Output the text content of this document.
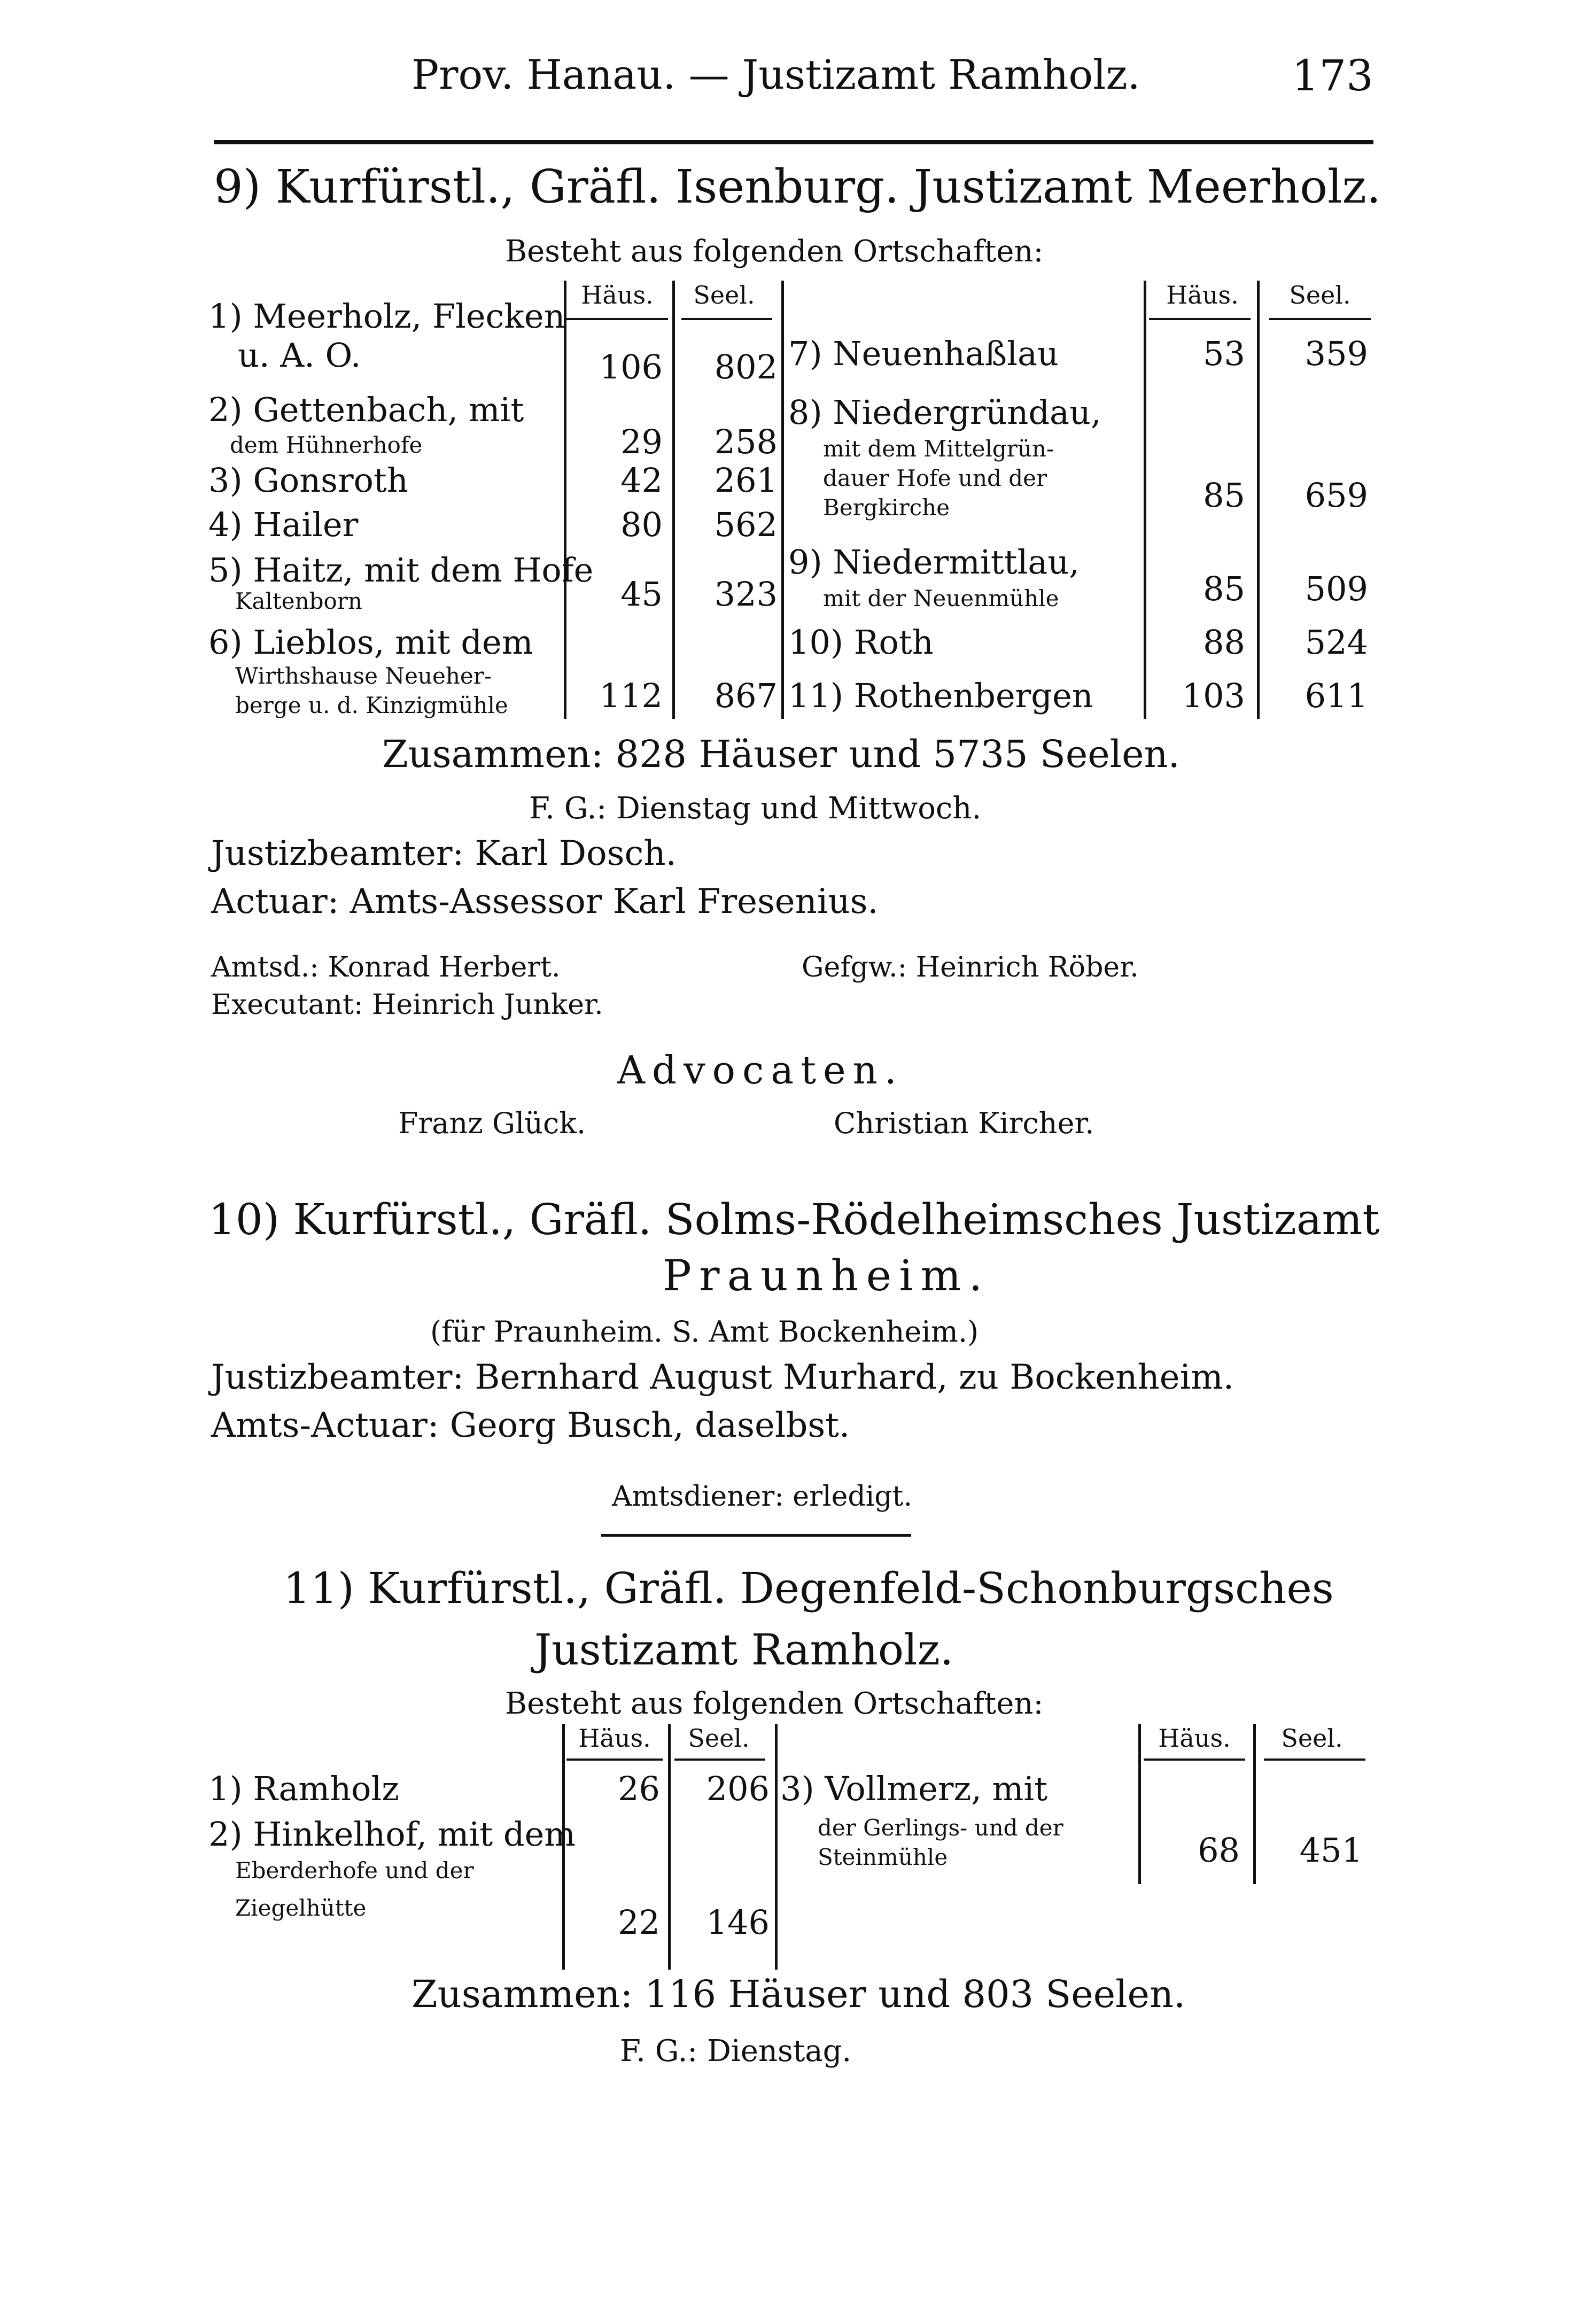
Prov. Hanau. — Justizamt Ramholz.	173
9) Kurfürstl., Gräfl. Isenburg. Justizamt Meerholz.
Besteht aus folgenden Ortschaften:
Häus.	Seel.
1) Meerholz, Flecken
u. A. O.	106	802
2) Gettenbach, mit
dem Hühnerhofe	29	258
3) Gonsroth	42	261
4) Hailer	80	562
5) Haitz, mit dem Hofe
Kaltenborn	45	323
6) Lieblos, mit dem
Wirthshause Neueher-
berge u. d. Kinzigmühle	112	867
Häus.	Seel.
7) Neuenhaßlau	53	359
8) Niedergründau,
mit dem Mittelgrün-
dauer Hofe und der
Bergkirche	85	659
9) Niedermittlau,
mit der Neuenmühle	85	509
10) Roth	88	524
11) Rothenbergen	103	611
Zusammen: 828 Häuser und 5735 Seelen.
F. G.: Dienstag und Mittwoch.
Justizbeamter: Karl Dosch.
Actuar: Amts-Assessor Karl Fresenius.
Amtsd.: Konrad Herbert.	Gefgw.: Heinrich Röber.
Executant: Heinrich Junker.
Advocaten.
Franz Glück.	Christian Kircher.
10) Kurfürstl., Gräfl. Solms-Rödelheimsches Justizamt
Praunheim.
(für Praunheim. S. Amt Bockenheim.)
Justizbeamter: Bernhard August Murhard, zu Bockenheim.
Amts-Actuar: Georg Busch, daselbst.
Amtsdiener: erledigt.
11) Kurfürstl., Gräfl. Degenfeld-Schonburgsches
Justizamt Ramholz.
Besteht aus folgenden Ortschaften:
Häus.	Seel.	Häus.	Seel.
1) Ramholz	26	206
2) Hinkelhof, mit dem
Eberderhofe und der
Ziegelhütte	22	146
3) Vollmerz, mit
der Gerlings- und der
Steinmühle	68	451
Zusammen: 116 Häuser und 803 Seelen.
F. G.: Dienstag.
